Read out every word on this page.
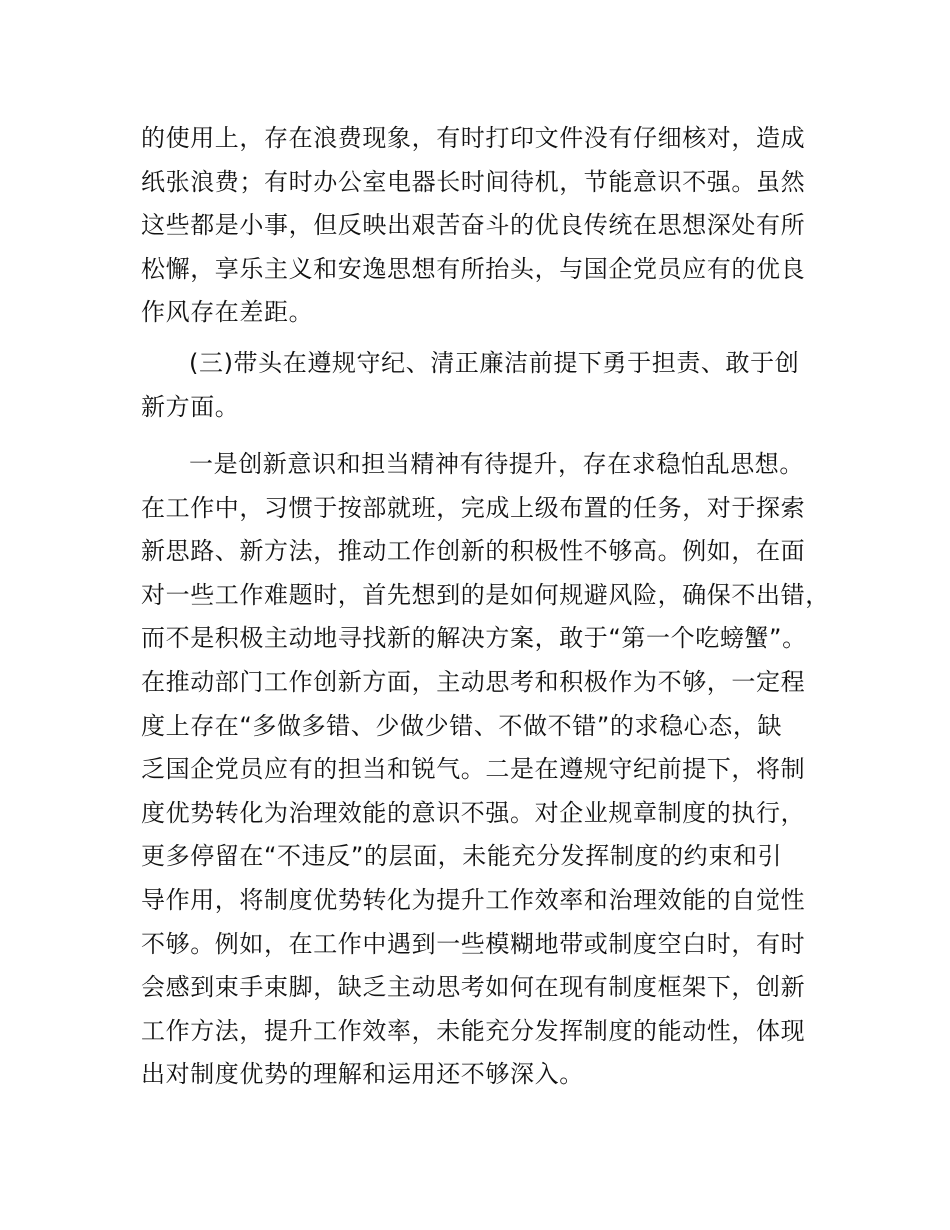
的使用上，存在浪费现象，有时打印文件没有仔细核对，造成
纸张浪费；有时办公室电器长时间待机，节能意识不强。虽然
这些都是小事，但反映出艰苦奋斗的优良传统在思想深处有所
松懈，享乐主义和安逸思想有所抬头，与国企党员应有的优良
作风存在差距。
(三)带头在遵规守纪、清正廉洁前提下勇于担责、敢于创
新方面。
一是创新意识和担当精神有待提升，存在求稳怕乱思想。
在工作中，习惯于按部就班，完成上级布置的任务，对于探索
新思路、新方法，推动工作创新的积极性不够高。例如，在面
对一些工作难题时，首先想到的是如何规避风险，确保不出错，
而不是积极主动地寻找新的解决方案，敢于“第一个吃螃蟹”。
在推动部门工作创新方面，主动思考和积极作为不够，一定程
度上存在“多做多错、少做少错、不做不错”的求稳心态，缺
乏国企党员应有的担当和锐气。二是在遵规守纪前提下，将制
度优势转化为治理效能的意识不强。对企业规章制度的执行，
更多停留在“不违反”的层面，未能充分发挥制度的约束和引
导作用，将制度优势转化为提升工作效率和治理效能的自觉性
不够。例如，在工作中遇到一些模糊地带或制度空白时，有时
会感到束手束脚，缺乏主动思考如何在现有制度框架下，创新
工作方法，提升工作效率，未能充分发挥制度的能动性，体现
出对制度优势的理解和运用还不够深入。
